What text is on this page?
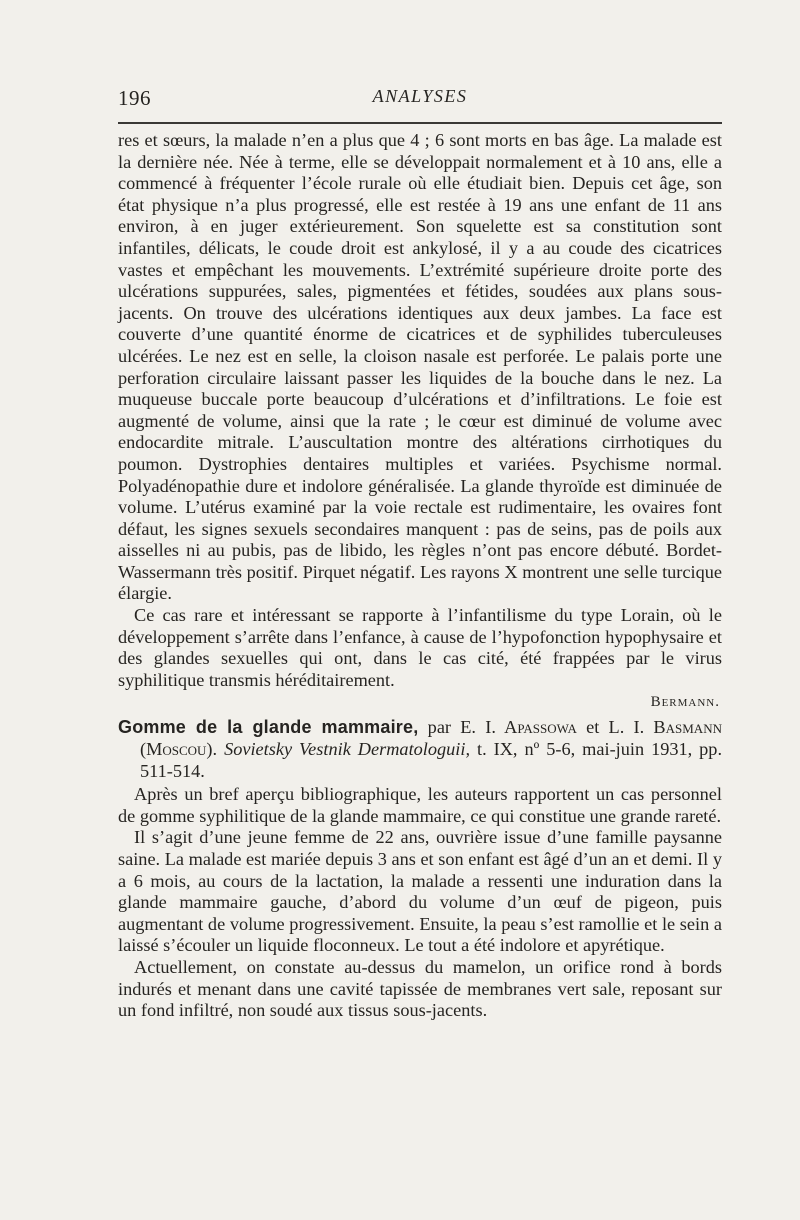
196	ANALYSES

res et sœurs, la malade n’en a plus que 4 ; 6 sont morts en bas âge. La malade est la dernière née. Née à terme, elle se développait normalement et à 10 ans, elle a commencé à fréquenter l’école rurale où elle étudiait bien. Depuis cet âge, son état physique n’a plus progressé, elle est restée à 19 ans une enfant de 11 ans environ, à en juger extérieurement. Son squelette est sa constitution sont infantiles, délicats, le coude droit est ankylosé, il y a au coude des cicatrices vastes et empêchant les mouvements. L’extrémité supérieure droite porte des ulcérations suppurées, sales, pigmentées et fétides, soudées aux plans sous-jacents. On trouve des ulcérations identiques aux deux jambes. La face est couverte d’une quantité énorme de cicatrices et de syphilides tuberculeuses ulcérées. Le nez est en selle, la cloison nasale est perforée. Le palais porte une perforation circulaire laissant passer les liquides de la bouche dans le nez. La muqueuse buccale porte beaucoup d’ulcérations et d’infiltrations. Le foie est augmenté de volume, ainsi que la rate ; le cœur est diminué de volume avec endocardite mitrale. L’auscultation montre des altérations cirrhotiques du poumon. Dystrophies dentaires multiples et variées. Psychisme normal. Polyadénopathie dure et indolore généralisée. La glande thyroïde est diminuée de volume. L’utérus examiné par la voie rectale est rudimentaire, les ovaires font défaut, les signes sexuels secondaires manquent : pas de seins, pas de poils aux aisselles ni au pubis, pas de libido, les règles n’ont pas encore débuté. Bordet-Wassermann très positif. Pirquet négatif. Les rayons X montrent une selle turcique élargie.

Ce cas rare et intéressant se rapporte à l’infantilisme du type Lorain, où le développement s’arrête dans l’enfance, à cause de l’hypofonction hypophysaire et des glandes sexuelles qui ont, dans le cas cité, été frappées par le virus syphilitique transmis héréditairement.

Bermann.

Gomme de la glande mammaire, par E. I. Apassowa et L. I. Basmann (Moscou). Sovietsky Vestnik Dermatologuii, t. IX, nº 5-6, mai-juin 1931, pp. 511-514.

Après un bref aperçu bibliographique, les auteurs rapportent un cas personnel de gomme syphilitique de la glande mammaire, ce qui constitue une grande rareté.

Il s’agit d’une jeune femme de 22 ans, ouvrière issue d’une famille paysanne saine. La malade est mariée depuis 3 ans et son enfant est âgé d’un an et demi. Il y a 6 mois, au cours de la lactation, la malade a ressenti une induration dans la glande mammaire gauche, d’abord du volume d’un œuf de pigeon, puis augmentant de volume progressivement. Ensuite, la peau s’est ramollie et le sein a laissé s’écouler un liquide floconneux. Le tout a été indolore et apyrétique.

Actuellement, on constate au-dessus du mamelon, un orifice rond à bords indurés et menant dans une cavité tapissée de membranes vert sale, reposant sur un fond infiltré, non soudé aux tissus sous-jacents.
